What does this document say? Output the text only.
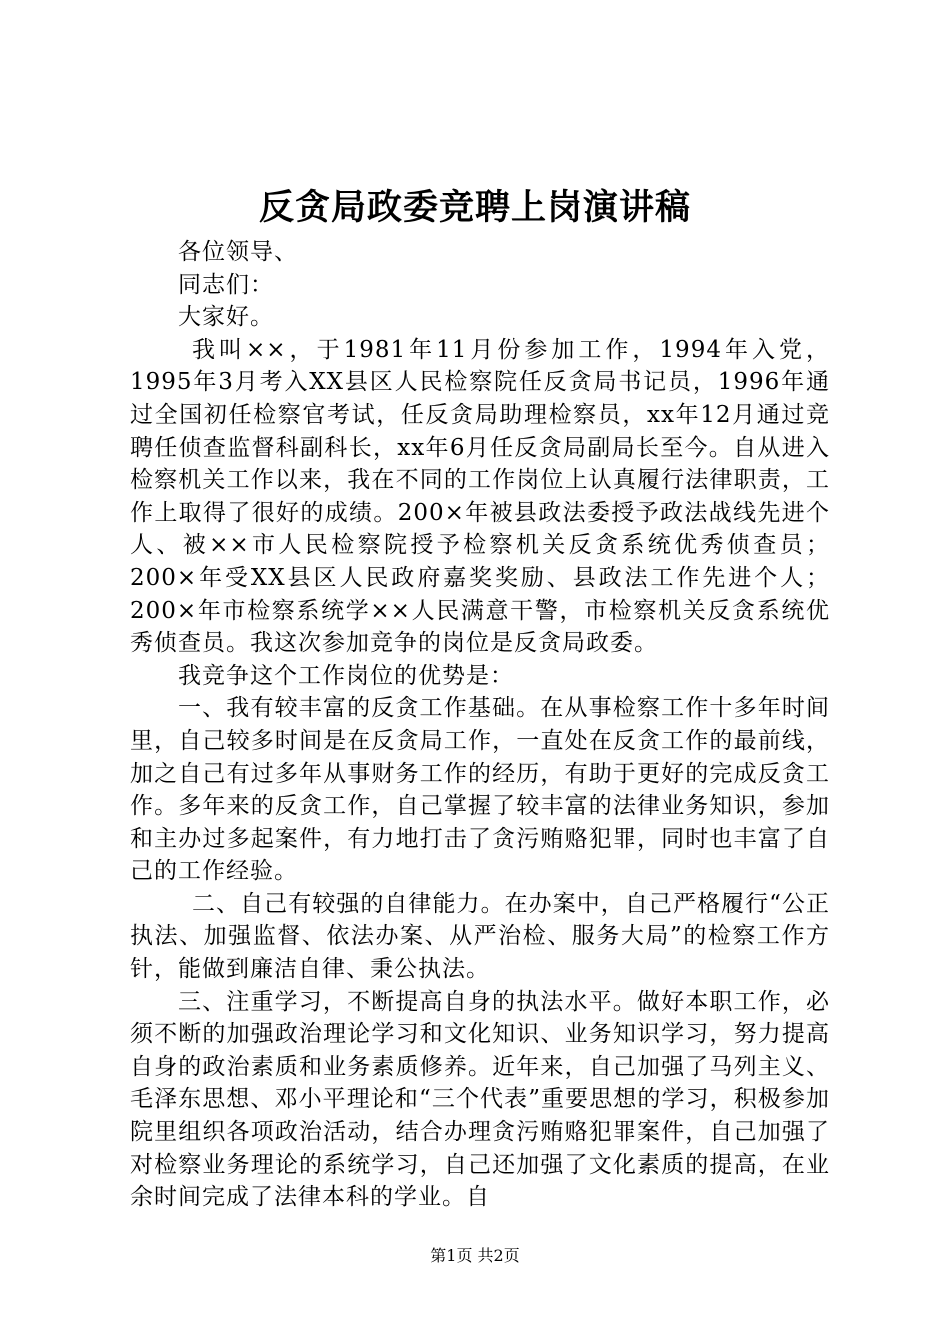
反贪局政委竞聘上岗演讲稿

各位领导、

同志们：

大家好。

我叫××，于1981年11月份参加工作，1994年入党，1995年3月考入XX县区人民检察院任反贪局书记员，1996年通过全国初任检察官考试，任反贪局助理检察员，xx年12月通过竞聘任侦查监督科副科长，xx年6月任反贪局副局长至今。自从进入检察机关工作以来，我在不同的工作岗位上认真履行法律职责，工作上取得了很好的成绩。200×年被县政法委授予政法战线先进个人、被××市人民检察院授予检察机关反贪系统优秀侦查员；200×年受XX县区人民政府嘉奖奖励、县政法工作先进个人；200×年市检察系统学××人民满意干警，市检察机关反贪系统优秀侦查员。我这次参加竞争的岗位是反贪局政委。

我竞争这个工作岗位的优势是：

一、我有较丰富的反贪工作基础。在从事检察工作十多年时间里，自己较多时间是在反贪局工作，一直处在反贪工作的最前线，加之自己有过多年从事财务工作的经历，有助于更好的完成反贪工作。多年来的反贪工作，自己掌握了较丰富的法律业务知识，参加和主办过多起案件，有力地打击了贪污贿赂犯罪，同时也丰富了自己的工作经验。

二、自己有较强的自律能力。在办案中，自己严格履行“公正执法、加强监督、依法办案、从严治检、服务大局”的检察工作方针，能做到廉洁自律、秉公执法。

三、注重学习，不断提高自身的执法水平。做好本职工作，必须不断的加强政治理论学习和文化知识、业务知识学习，努力提高自身的政治素质和业务素质修养。近年来，自己加强了马列主义、毛泽东思想、邓小平理论和“三个代表”重要思想的学习，积极参加院里组织各项政治活动，结合办理贪污贿赂犯罪案件，自己加强了对检察业务理论的系统学习，自己还加强了文化素质的提高，在业余时间完成了法律本科的学业。自

第1页 共2页
